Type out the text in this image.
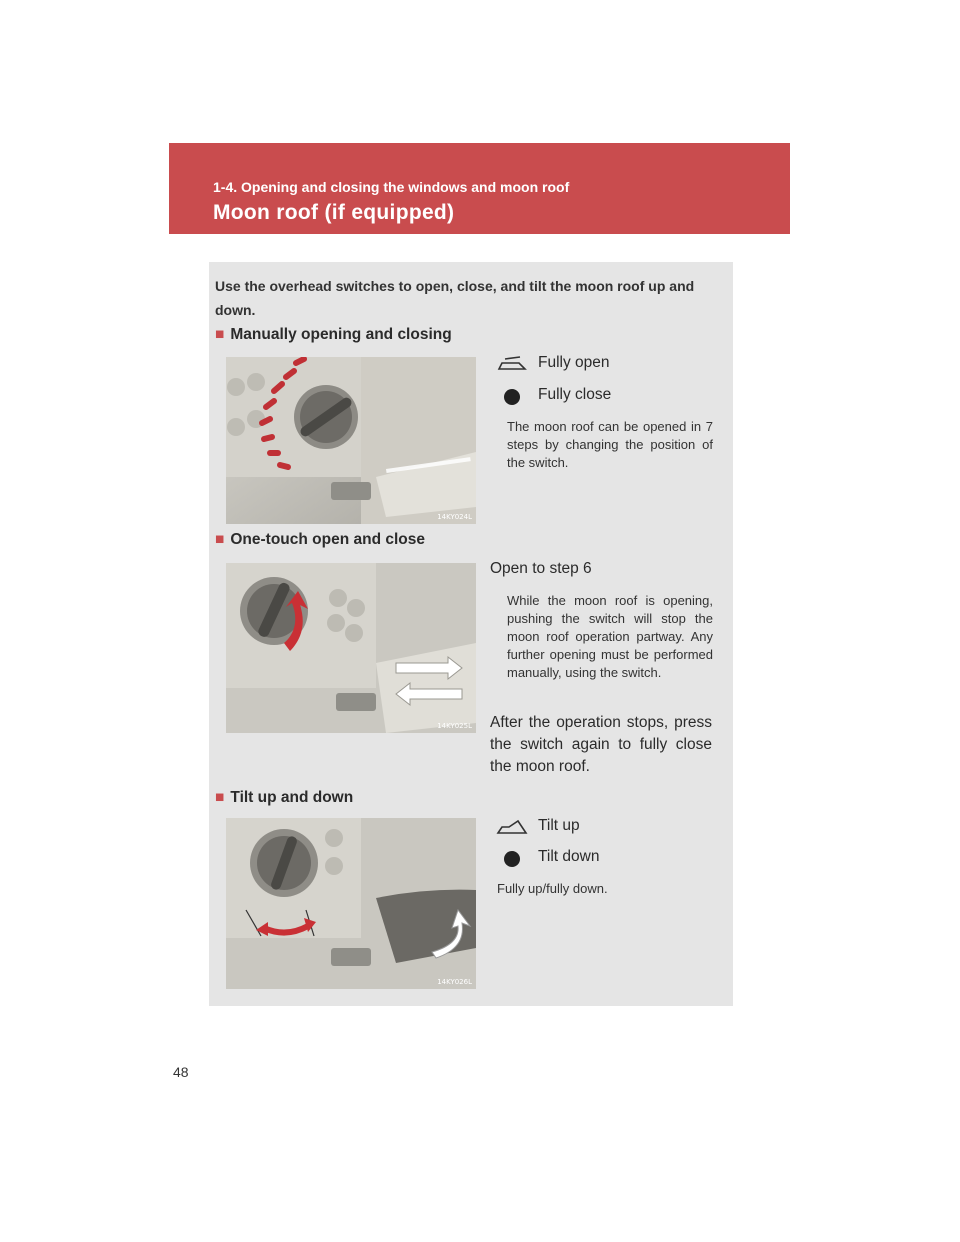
1-4. Opening and closing the windows and moon roof
Moon roof (if equipped)
Use the overhead switches to open, close, and tilt the moon roof up and down.
■ Manually opening and closing
14KY024L
Fully open
Fully close
The moon roof can be opened in 7 steps by changing the position of the switch.
■ One-touch open and close
14KY025L
Open to step 6
While the moon roof is opening, pushing the switch will stop the moon roof operation partway. Any further opening must be performed manually, using the switch.
After the operation stops, press the switch again to fully close the moon roof.
■ Tilt up and down
14KY026L
Tilt up
Tilt down
Fully up/fully down.
48
